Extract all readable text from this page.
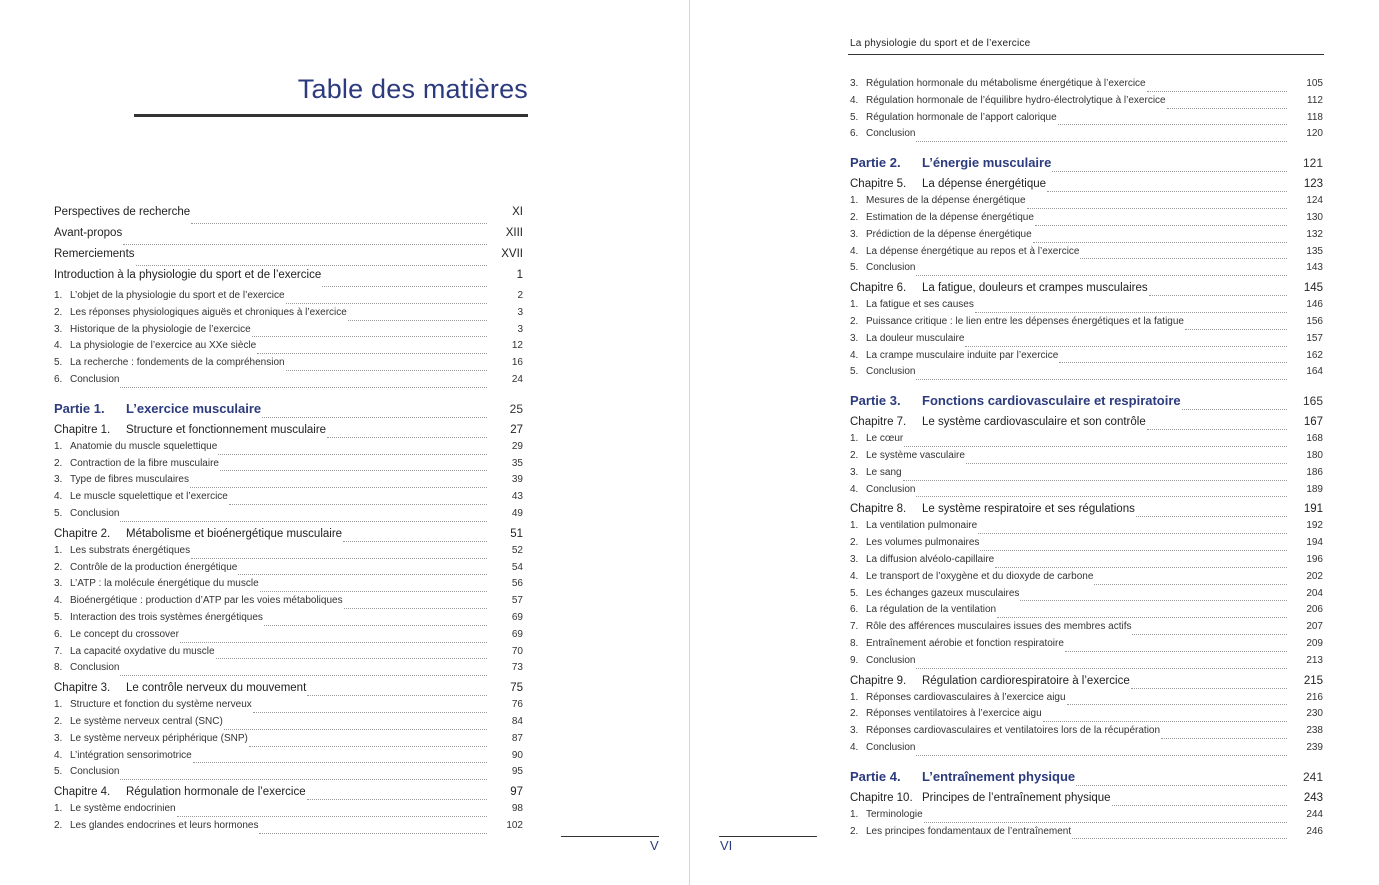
Table des matières
Perspectives de recherche	XI
Avant-propos	XIII
Remerciements	XVII
Introduction à la physiologie du sport et de l’exercice	1
1. L’objet de la physiologie du sport et de l’exercice	2
2. Les réponses physiologiques aiguës et chroniques à l’exercice	3
3. Historique de la physiologie de l’exercice	3
4. La physiologie de l’exercice au XXe siècle	12
5. La recherche : fondements de la compréhension	16
6. Conclusion	24
Partie 1.	L’exercice musculaire	25
Chapitre 1.	Structure et fonctionnement musculaire	27
1. Anatomie du muscle squelettique	29
2. Contraction de la fibre musculaire	35
3. Type de fibres musculaires	39
4. Le muscle squelettique et l’exercice	43
5. Conclusion	49
Chapitre 2.	Métabolisme et bioénergétique musculaire	51
1. Les substrats énergétiques	52
2. Contrôle de la production énergétique	54
3. L’ATP : la molécule énergétique du muscle	56
4. Bioénergétique : production d’ATP par les voies métaboliques	57
5. Interaction des trois systèmes énergétiques	69
6. Le concept du crossover	69
7. La capacité oxydative du muscle	70
8. Conclusion	73
Chapitre 3.	Le contrôle nerveux du mouvement	75
1. Structure et fonction du système nerveux	76
2. Le système nerveux central (SNC)	84
3. Le système nerveux périphérique (SNP)	87
4. L’intégration sensorimotrice	90
5. Conclusion	95
Chapitre 4.	Régulation hormonale de l’exercice	97
1. Le système endocrinien	98
2. Les glandes endocrines et leurs hormones	102
V
La physiologie du sport et de l’exercice
3. Régulation hormonale du métabolisme énergétique à l’exercice	105
4. Régulation hormonale de l’équilibre hydro-électrolytique à l’exercice	112
5. Régulation hormonale de l’apport calorique	118
6. Conclusion	120
Partie 2.	L’énergie musculaire	121
Chapitre 5.	La dépense énergétique	123
1. Mesures de la dépense énergétique	124
2. Estimation de la dépense énergétique	130
3. Prédiction de la dépense énergétique	132
4. La dépense énergétique au repos et à l’exercice	135
5. Conclusion	143
Chapitre 6.	La fatigue, douleurs et crampes musculaires	145
1. La fatigue et ses causes	146
2. Puissance critique : le lien entre les dépenses énergétiques et la fatigue	156
3. La douleur musculaire	157
4. La crampe musculaire induite par l’exercice	162
5. Conclusion	164
Partie 3.	Fonctions cardiovasculaire et respiratoire	165
Chapitre 7.	Le système cardiovasculaire et son contrôle	167
1. Le cœur	168
2. Le système vasculaire	180
3. Le sang	186
4. Conclusion	189
Chapitre 8.	Le système respiratoire et ses régulations	191
1. La ventilation pulmonaire	192
2. Les volumes pulmonaires	194
3. La diffusion alvéolo-capillaire	196
4. Le transport de l’oxygène et du dioxyde de carbone	202
5. Les échanges gazeux musculaires	204
6. La régulation de la ventilation	206
7. Rôle des afférences musculaires issues des membres actifs	207
8. Entraînement aérobie et fonction respiratoire	209
9. Conclusion	213
Chapitre 9.	Régulation cardiorespiratoire à l’exercice	215
1. Réponses cardiovasculaires à l’exercice aigu	216
2. Réponses ventilatoires à l’exercice aigu	230
3. Réponses cardiovasculaires et ventilatoires lors de la récupération	238
4. Conclusion	239
Partie 4.	L’entraînement physique	241
Chapitre 10. Principes de l’entraînement physique	243
1. Terminologie	244
2. Les principes fondamentaux de l’entraînement	246
VI
